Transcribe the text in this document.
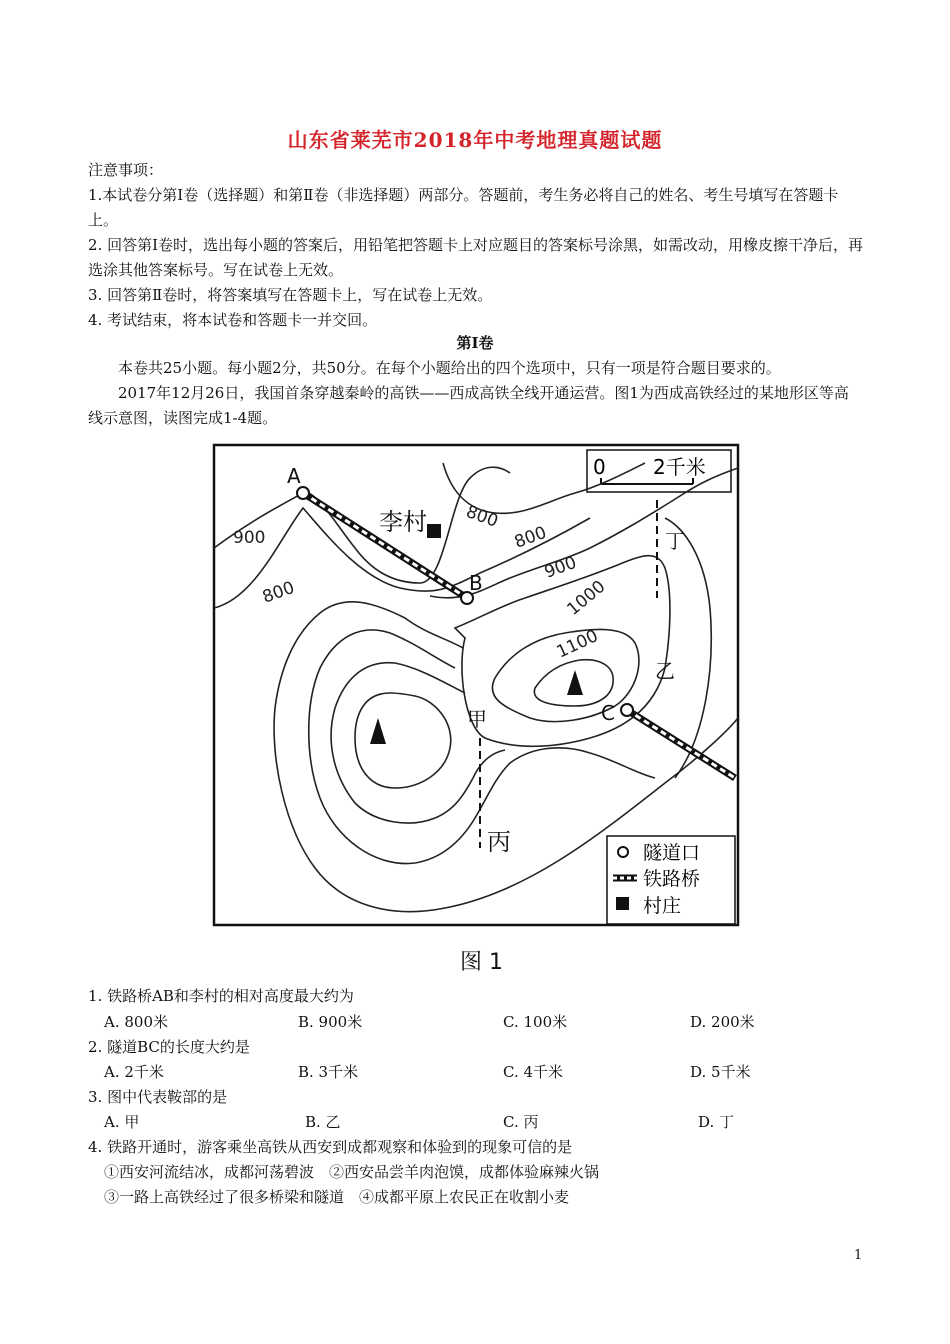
山东省莱芜市2018年中考地理真题试题
注意事项：
1.本试卷分第Ⅰ卷（选择题）和第Ⅱ卷（非选择题）两部分。答题前，考生务必将自己的姓名、考生号填写在答题卡上。
2. 回答第Ⅰ卷时，选出每小题的答案后，用铅笔把答题卡上对应题目的答案标号涂黑，如需改动，用橡皮擦干净后，再选涂其他答案标号。写在试卷上无效。
3. 回答第Ⅱ卷时，将答案填写在答题卡上，写在试卷上无效。
4. 考试结束，将本试卷和答题卡一并交回。
第Ⅰ卷
本卷共25小题。每小题2分，共50分。在每个小题给出的四个选项中，只有一项是符合题目要求的。
2017年12月26日，我国首条穿越秦岭的高铁——西成高铁全线开通运营。图1为西成高铁经过的某地形区等高线示意图，读图完成1-4题。
0 2千米
900
800
800
800
900
1000
1100
A
B
C
李村
甲
乙
丙
丁
隧道口
铁路桥
村庄
图 1
1. 铁路桥AB和李村的相对高度最大约为
A. 800米	B. 900米	C. 100米	D. 200米
2. 隧道BC的长度大约是
A. 2千米	B. 3千米	C. 4千米	D. 5千米
3. 图中代表鞍部的是
A. 甲	B. 乙	C. 丙	D. 丁
4. 铁路开通时，游客乘坐高铁从西安到成都观察和体验到的现象可信的是
①西安河流结冰，成都河荡碧波　②西安品尝羊肉泡馍，成都体验麻辣火锅
③一路上高铁经过了很多桥梁和隧道　④成都平原上农民正在收割小麦
1
